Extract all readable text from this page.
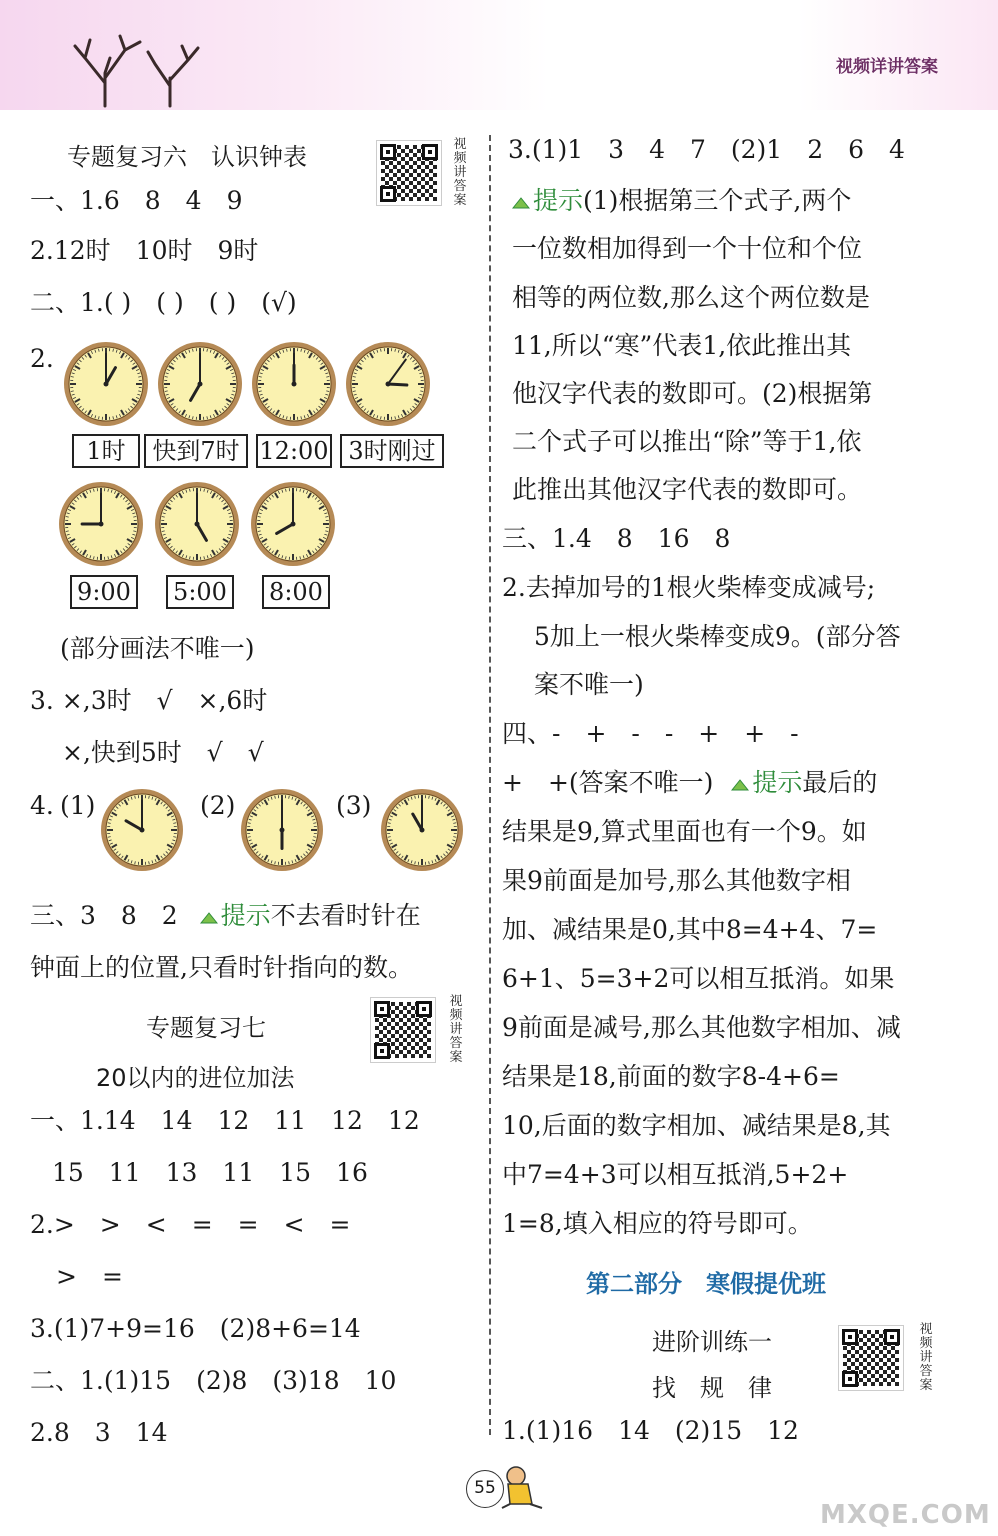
视频详讲答案
专题复习六　认识钟表	视频讲答案
一、1.6　8　4　9
2.12时　10时　9时
二、1.( )　( )　( )　(√)
2.
1时	快到7时 12:00 3时刚过
9:00 5:00 8:00
(部分画法不唯一)
3. ×,3时　√　×,6时
×,快到5时　√　√
4. (1)	(2)	(3)
三、3　8　2 提示不去看时针在
钟面上的位置,只看时针指向的数。
专题复习七
20以内的进位加法
视频讲答案
一、1.14　14　12　11　12　12
15　11　13　11　15　16
2.>　>　<　=　=　<　=
>　=
3.(1)7+9=16　(2)8+6=14
二、1.(1)15　(2)8　(3)18　10
2.8　3　14
3.(1)1　3　4　7　(2)1　2　6　4
提示(1)根据第三个式子,两个
一位数相加得到一个十位和个位
相等的两位数,那么这个两位数是
11,所以“寒”代表1,依此推出其
他汉字代表的数即可。(2)根据第
二个式子可以推出“除”等于1,依
此推出其他汉字代表的数即可。
三、1.4　8　16　8
2.去掉加号的1根火柴棒变成减号;
5加上一根火柴棒变成9。(部分答
案不唯一)
四、-　+　-　-　+　+　-
+　+(答案不唯一) 提示最后的
结果是9,算式里面也有一个9。如
果9前面是加号,那么其他数字相
加、减结果是0,其中8=4+4、7=
6+1、5=3+2可以相互抵消。如果
9前面是减号,那么其他数字相加、减
结果是18,前面的数字8-4+6=
10,后面的数字相加、减结果是8,其
中7=4+3可以相互抵消,5+2+
1=8,填入相应的符号即可。
第二部分　寒假提优班
进阶训练一
找　规　律
视频讲答案
1.(1)16　14　(2)15　12
55
MXQE.COM
